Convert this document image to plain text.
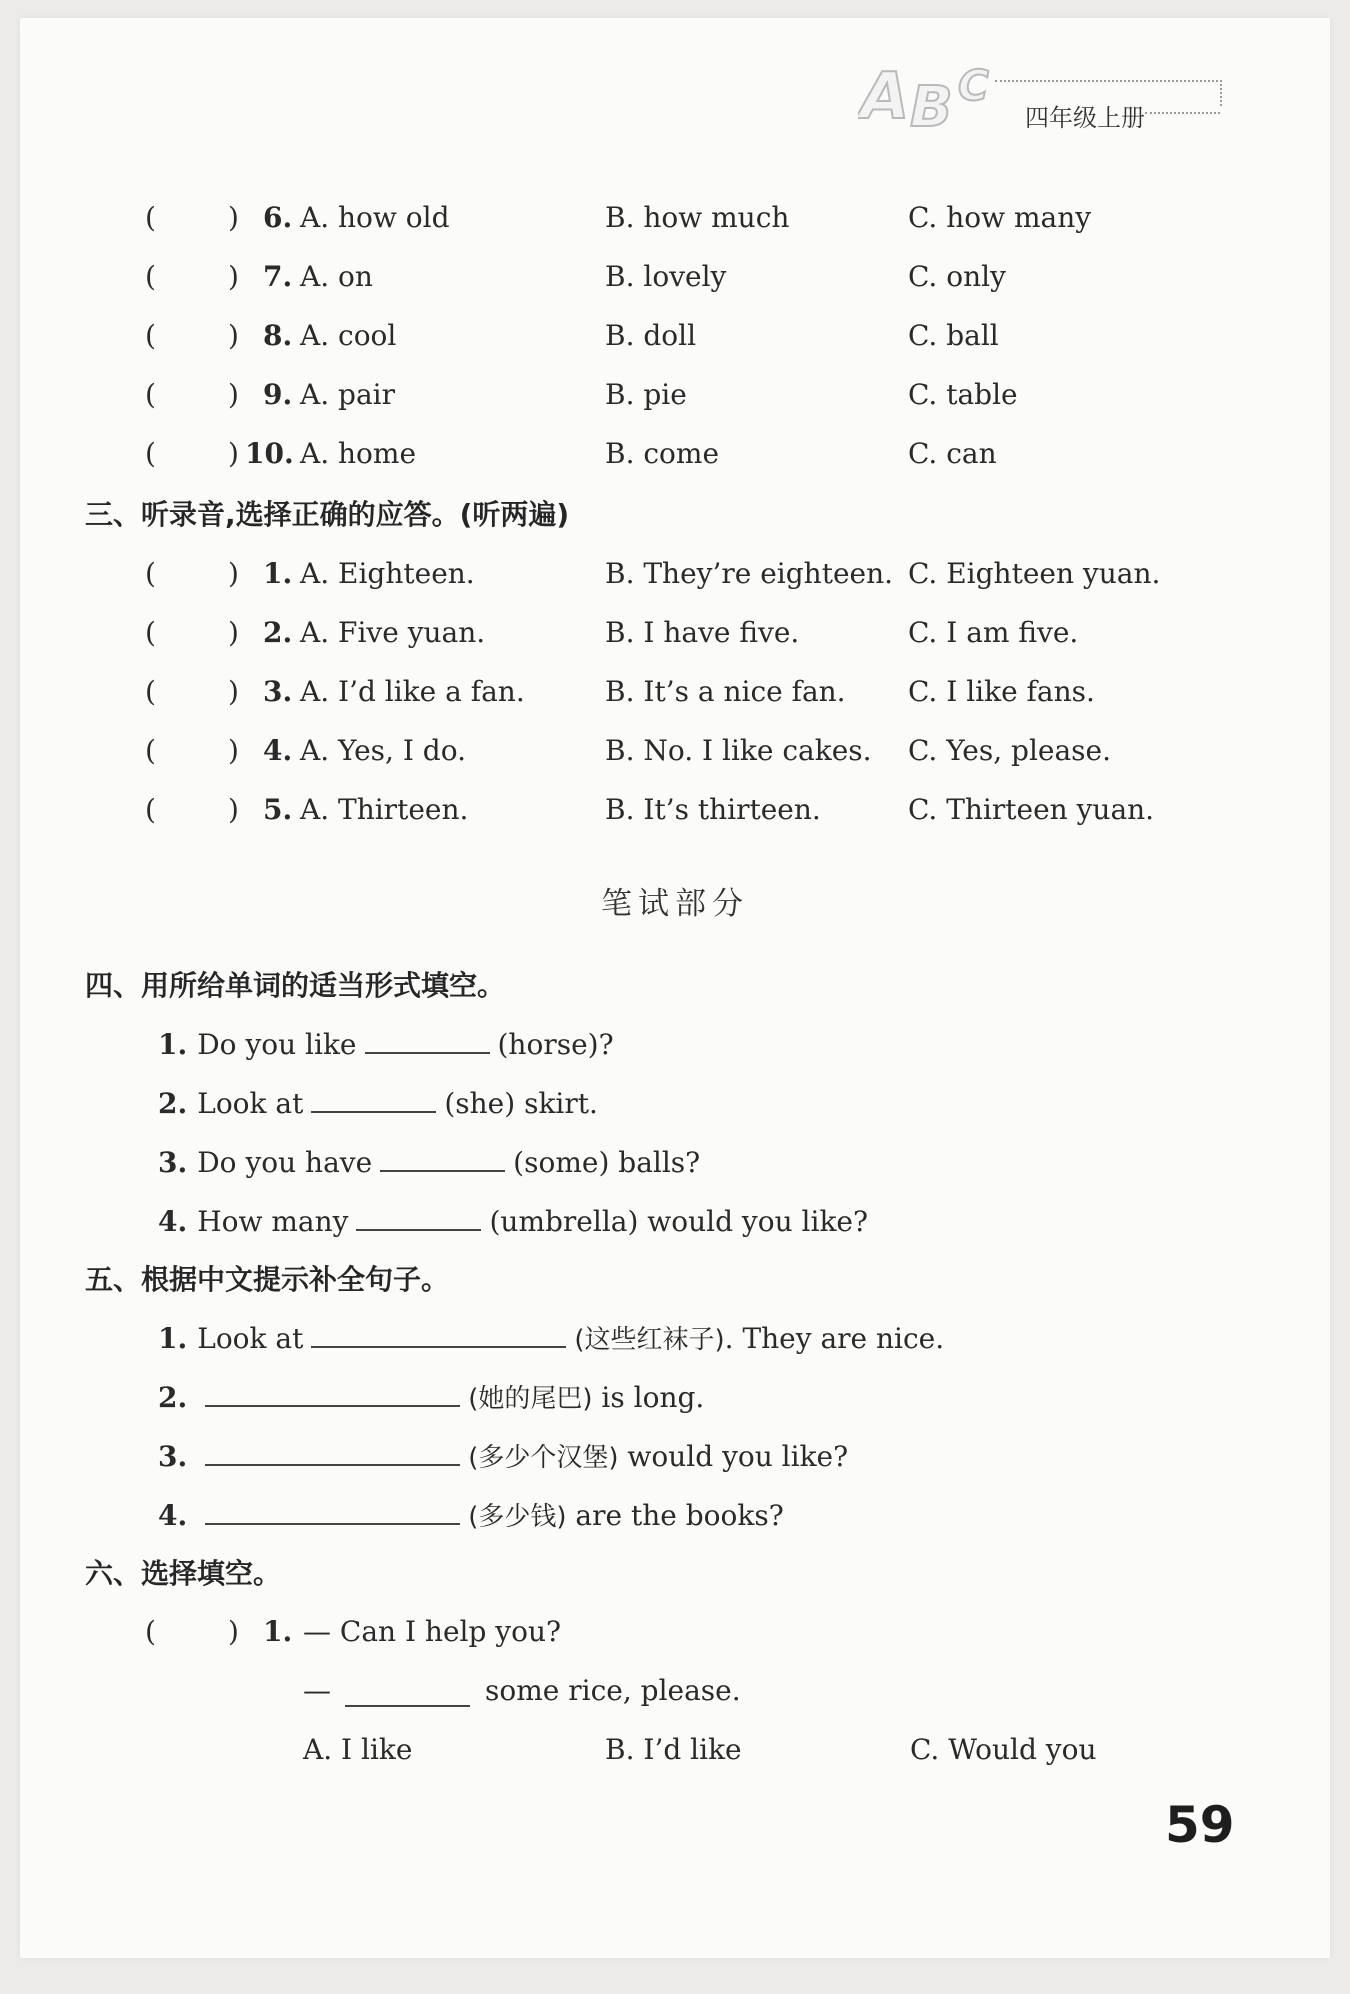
A B C
四年级上册
(	) 6. A. how old	B. how much	C. how many
(	) 7. A. on	B. lovely	C. only
(	) 8. A. cool	B. doll	C. ball
(	) 9. A. pair	B. pie	C. table
(	) 10. A. home	B. come	C. can
三、听录音,选择正确的应答。(听两遍)
(	) 1. A. Eighteen.	B. They’re eighteen. C. Eighteen yuan.
(	) 2. A. Five yuan.	B. I have five.	C. I am five.
(	) 3. A. I’d like a fan.	B. It’s a nice fan. C. I like fans.
(	) 4. A. Yes, I do.	B. No. I like cakes. C. Yes, please.
(	) 5. A. Thirteen.	B. It’s thirteen.	C. Thirteen yuan.
笔试部分
四、用所给单词的适当形式填空。
1. Do you like	(horse)?
2. Look at	(she) skirt.
3. Do you have	(some) balls?
4. How many	(umbrella) would you like?
五、根据中文提示补全句子。
1. Look at	(这些红袜子). They are nice.
2.	(她的尾巴) is long.
3.	(多少个汉堡) would you like?
4.	(多少钱) are the books?
六、选择填空。
(	) 1. — Can I help you?
—	some rice, please.
A. I like	B. I’d like	C. Would you
59
